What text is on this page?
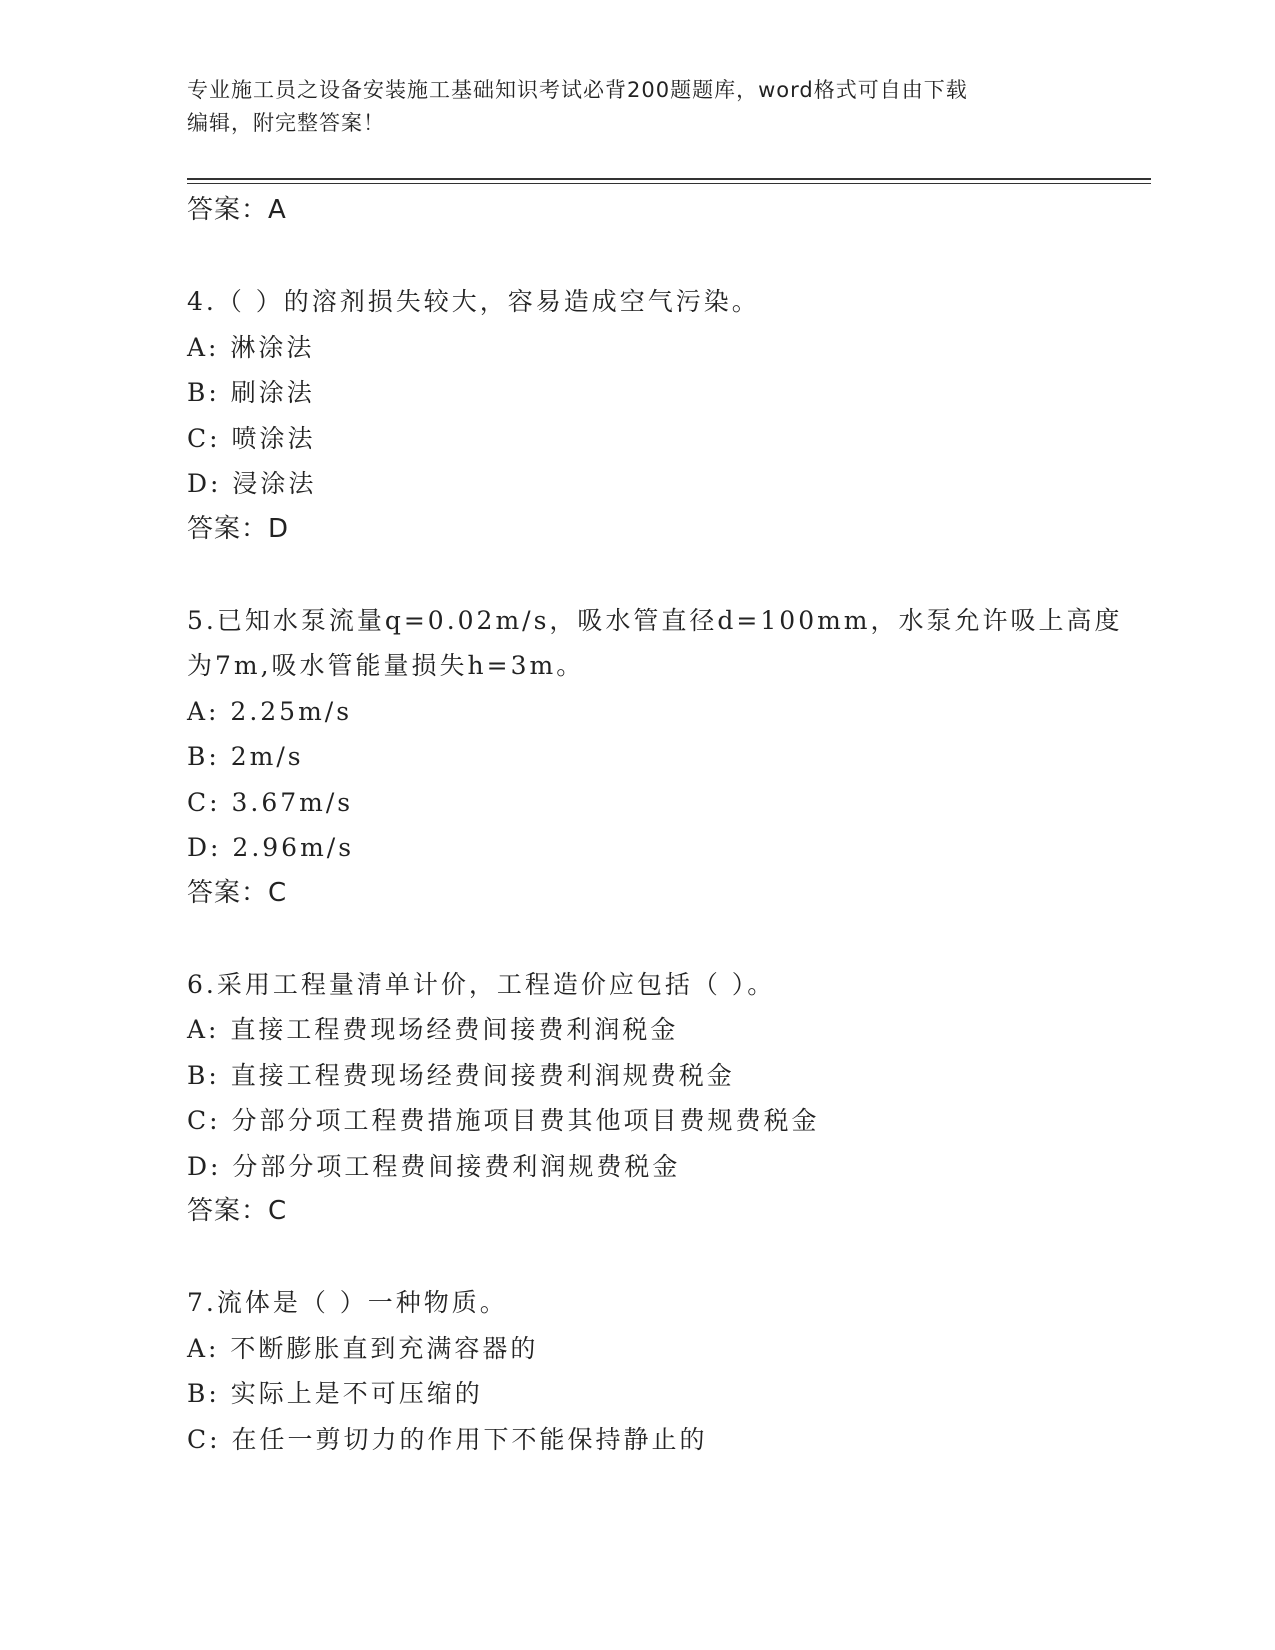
专业施工员之设备安装施工基础知识考试必背200题题库，word格式可自由下载
编辑，附完整答案！
答案：A
4.（ ）的溶剂损失较大，容易造成空气污染。
A: 淋涂法
B: 刷涂法
C: 喷涂法
D: 浸涂法
答案：D
5.已知水泵流量q=0.02m/s，吸水管直径d=100mm，水泵允许吸上高度
为7m,吸水管能量损失h=3m。
A: 2.25m/s
B: 2m/s
C: 3.67m/s
D: 2.96m/s
答案：C
6.采用工程量清单计价，工程造价应包括（ ）。
A: 直接工程费现场经费间接费利润税金
B: 直接工程费现场经费间接费利润规费税金
C: 分部分项工程费措施项目费其他项目费规费税金
D: 分部分项工程费间接费利润规费税金
答案：C
7.流体是（ ）一种物质。
A: 不断膨胀直到充满容器的
B: 实际上是不可压缩的
C: 在任一剪切力的作用下不能保持静止的
